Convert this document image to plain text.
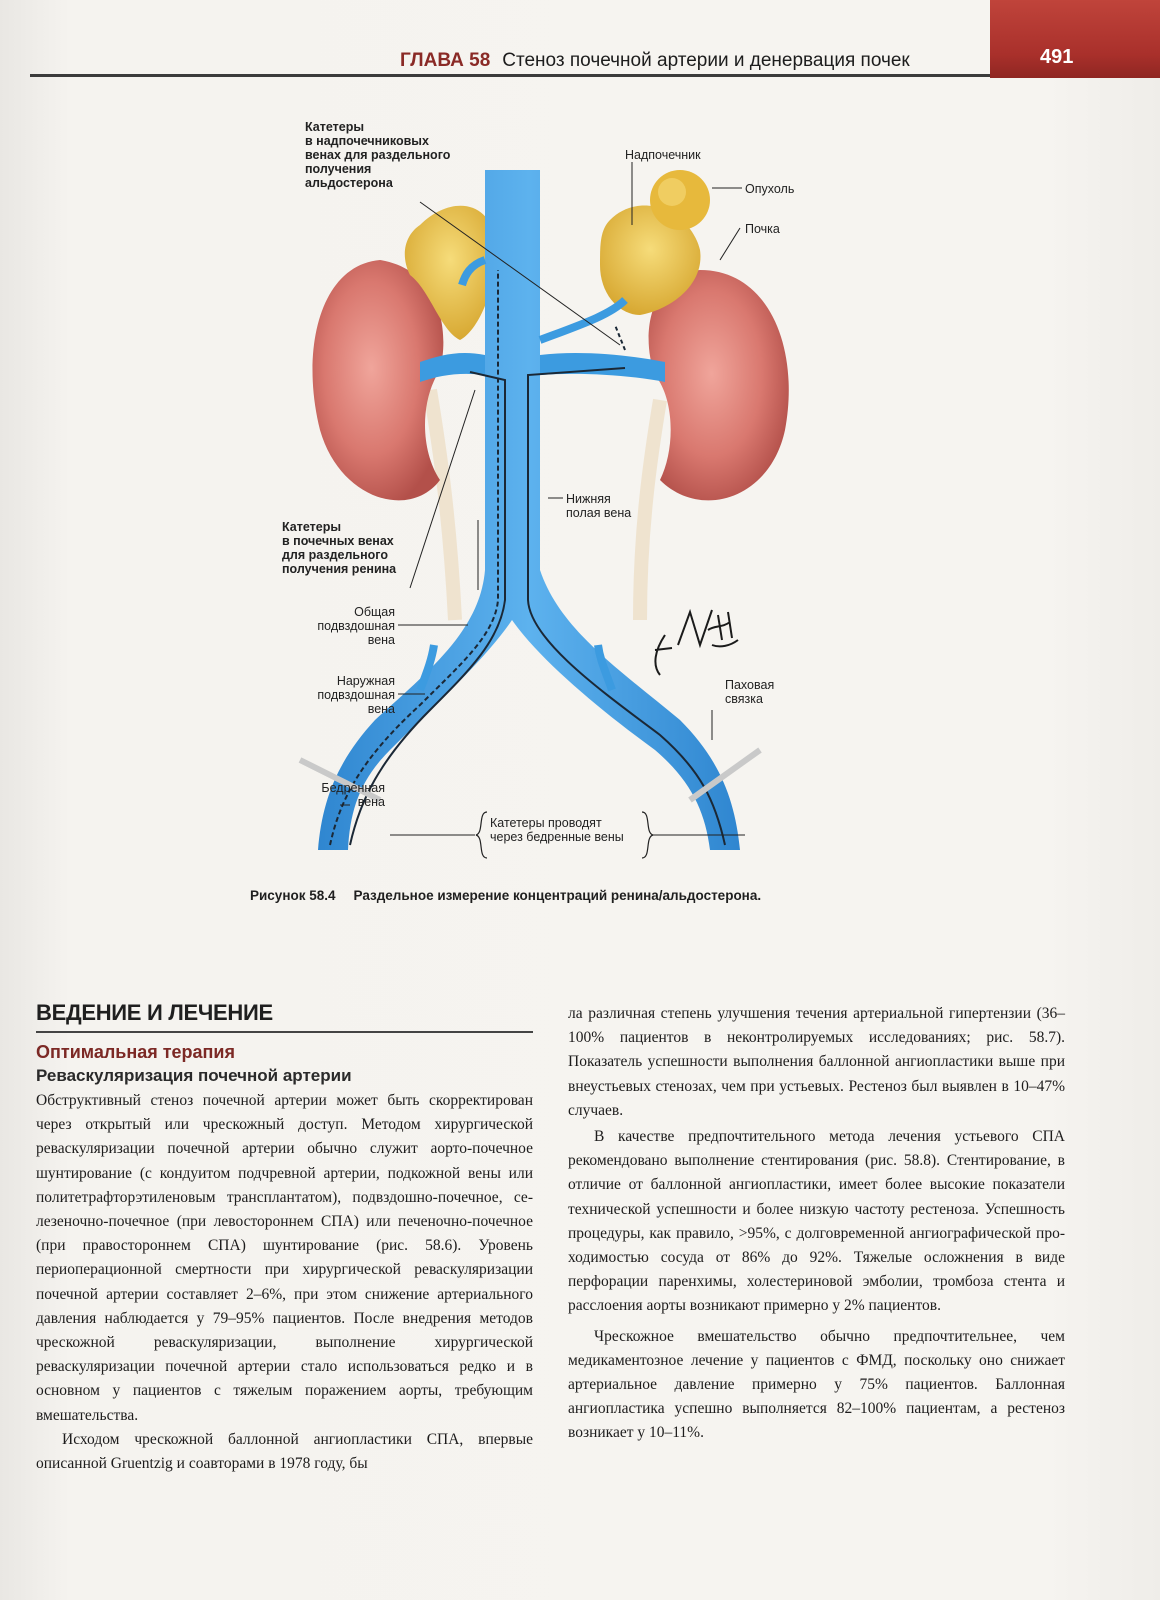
491
ГЛАВА 58 Стеноз почечной артерии и денервация почек
Катетеры
в надпочечниковых
венах для раздельного
получения
альдостерона
Надпочечник
Опухоль
Почка
Нижняя
полая вена
Катетеры
в почечных венах
для раздельного
получения ренина
Общая
подвздошная
вена
Наружная
подвздошная
вена
Паховая
связка
Бедренная
вена
Катетеры проводят
через бедренные вены
Рисунок 58.4 Раздельное измерение концентраций ренина/альдостерона.
ВЕДЕНИЕ И ЛЕЧЕНИЕ
Оптимальная терапия
Реваскуляризация почечной артерии

Обструктивный стеноз почечной артерии может быть скорректирован через открытый или чрескожный доступ. Методом хирургической реваскуляризации почечной артерии обычно служит аорто-почечное шунтирование (с кондуитом подчревной артерии, подкожной вены или политетрафторэтиленовым трансплантатом), подвздошно-почечное, селезеночно-почечное (при левостороннем СПА) или печеночно-почечное (при правостороннем СПА) шунтирование (рис. 58.6). Уровень периоперационной смертности при хирургической реваскуляризации почечной артерии составляет 2–6%, при этом снижение артериального давления наблюдается у 79–95% пациентов. После внедрения методов чрескожной реваскуляризации, выполнение хирургической реваскуляризации почечной артерии стало использоваться редко и в основном у пациентов с тяжелым поражением аорты, требующим вмешательства.

Исходом чрескожной баллонной ангиопластики СПА, впервые описанной Gruentzig и соавторами в 1978 году, бы

ла различная степень улучшения течения артериальной гипертензии (36–100% пациентов в неконтролируемых исследованиях; рис. 58.7). Показатель успешности выполнения баллонной ангиопластики выше при внеустьевых стенозах, чем при устьевых. Рестеноз был выявлен в 10–47% случаев.

В качестве предпочтительного метода лечения устьевого СПА рекомендовано выполнение стентирования (рис. 58.8). Стентирование, в отличие от баллонной ангиопластики, имеет более высокие показатели технической успешности и более низкую частоту рестеноза. Успешность процедуры, как правило, >95%, с долговременной ангиографической проходимостью сосуда от 86% до 92%. Тяжелые осложнения в виде перфорации паренхимы, холестериновой эмболии, тромбоза стента и расслоения аорты возникают примерно у 2% пациентов.

Чрескожное вмешательство обычно предпочтительнее, чем медикаментозное лечение у пациентов с ФМД, поскольку оно снижает артериальное давление примерно у 75% пациентов. Баллонная ангиопластика успешно выполняется 82–100% пациентам, а рестеноз возникает у 10–11%.
